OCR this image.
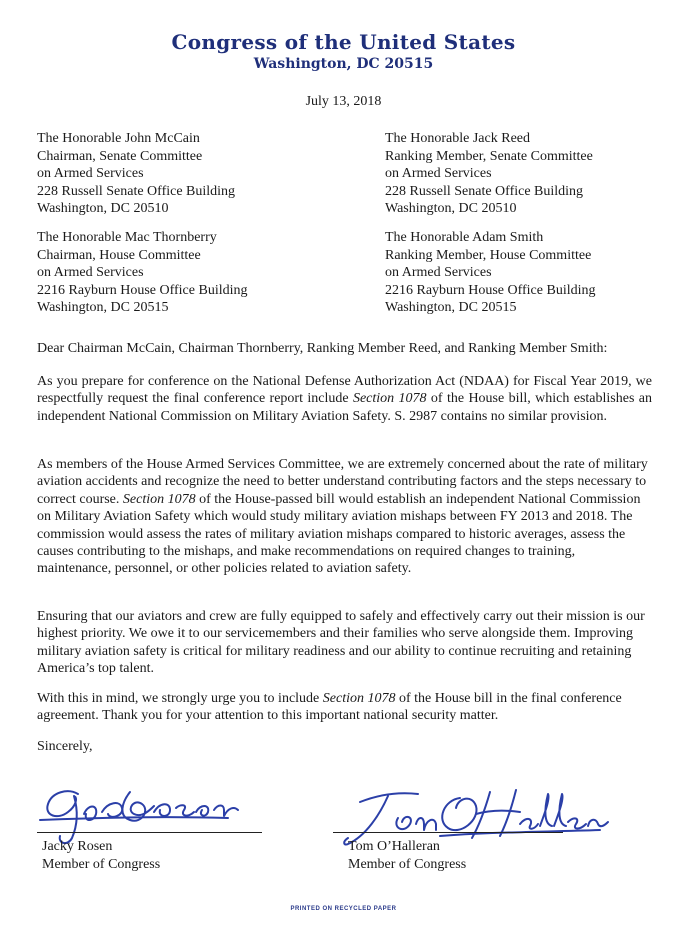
Congress of the United States
Washington, DC 20515
July 13, 2018
The Honorable John McCain
Chairman, Senate Committee
on Armed Services
228 Russell Senate Office Building
Washington, DC 20510
The Honorable Jack Reed
Ranking Member, Senate Committee
on Armed Services
228 Russell Senate Office Building
Washington, DC 20510
The Honorable Mac Thornberry
Chairman, House Committee
on Armed Services
2216 Rayburn House Office Building
Washington, DC 20515
The Honorable Adam Smith
Ranking Member, House Committee
on Armed Services
2216 Rayburn House Office Building
Washington, DC 20515
Dear Chairman McCain, Chairman Thornberry, Ranking Member Reed, and Ranking Member Smith:
As you prepare for conference on the National Defense Authorization Act (NDAA) for Fiscal Year 2019, we respectfully request the final conference report include Section 1078 of the House bill, which establishes an independent National Commission on Military Aviation Safety. S. 2987 contains no similar provision.
As members of the House Armed Services Committee, we are extremely concerned about the rate of military aviation accidents and recognize the need to better understand contributing factors and the steps necessary to correct course. Section 1078 of the House-passed bill would establish an independent National Commission on Military Aviation Safety which would study military aviation mishaps between FY 2013 and 2018. The commission would assess the rates of military aviation mishaps compared to historic averages, assess the causes contributing to the mishaps, and make recommendations on required changes to training, maintenance, personnel, or other policies related to aviation safety.
Ensuring that our aviators and crew are fully equipped to safely and effectively carry out their mission is our highest priority. We owe it to our servicemembers and their families who serve alongside them. Improving military aviation safety is critical for military readiness and our ability to continue recruiting and retaining America’s top talent.
With this in mind, we strongly urge you to include Section 1078 of the House bill in the final conference agreement. Thank you for your attention to this important national security matter.
Sincerely,
Jacky Rosen
Member of Congress
Tom O’Halleran
Member of Congress
PRINTED ON RECYCLED PAPER
